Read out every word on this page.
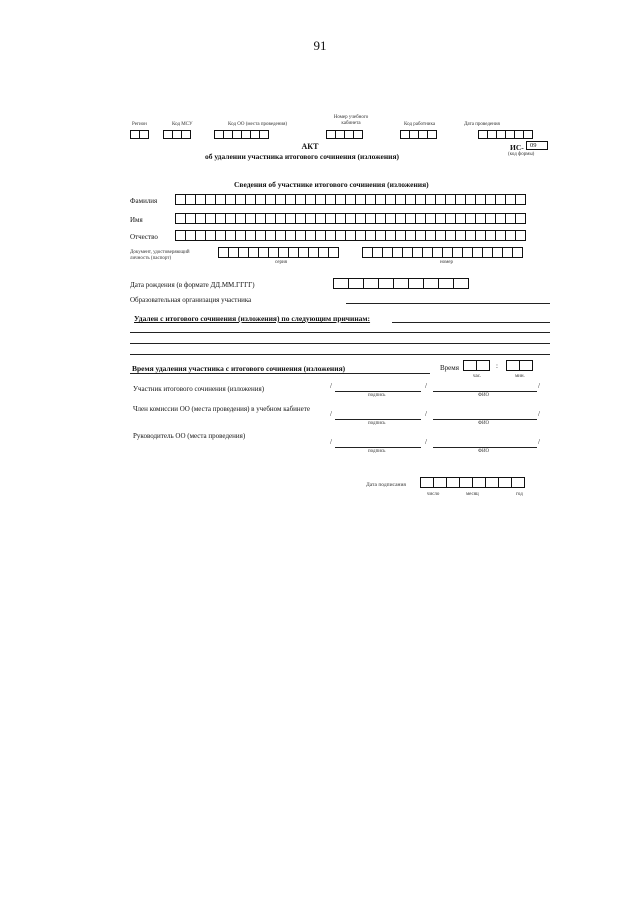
91
Регион	Код МСУ	Код ОО (места проведения)
Номер учебного кабинета	Код работника	Дата проведения
АКТ
об удалении участника итогового сочинения (изложения)
ИС- 09
(код формы)
Сведения об участнике итогового сочинения (изложения)
Фамилия
Имя
Отчество
Документ, удостоверяющий личность (паспорт)
серия	номер
Дата рождения (в формате ДД.ММ.ГГГГ)
Образовательная организация участника
Удален с итогового сочинения (изложения) по следующим причинам:
Время удаления участника с итогового сочинения (изложения)	Время	:
час.	мин.
Участник итогового сочинения (изложения)	/	/	/
подпись	ФИО
Член комиссии ОО (места проведения) в учебном кабинете
/	/	/
подпись	ФИО
Руководитель ОО (места проведения)
/	/	/
подпись	ФИО
Дата подписания
число	месяц	год
